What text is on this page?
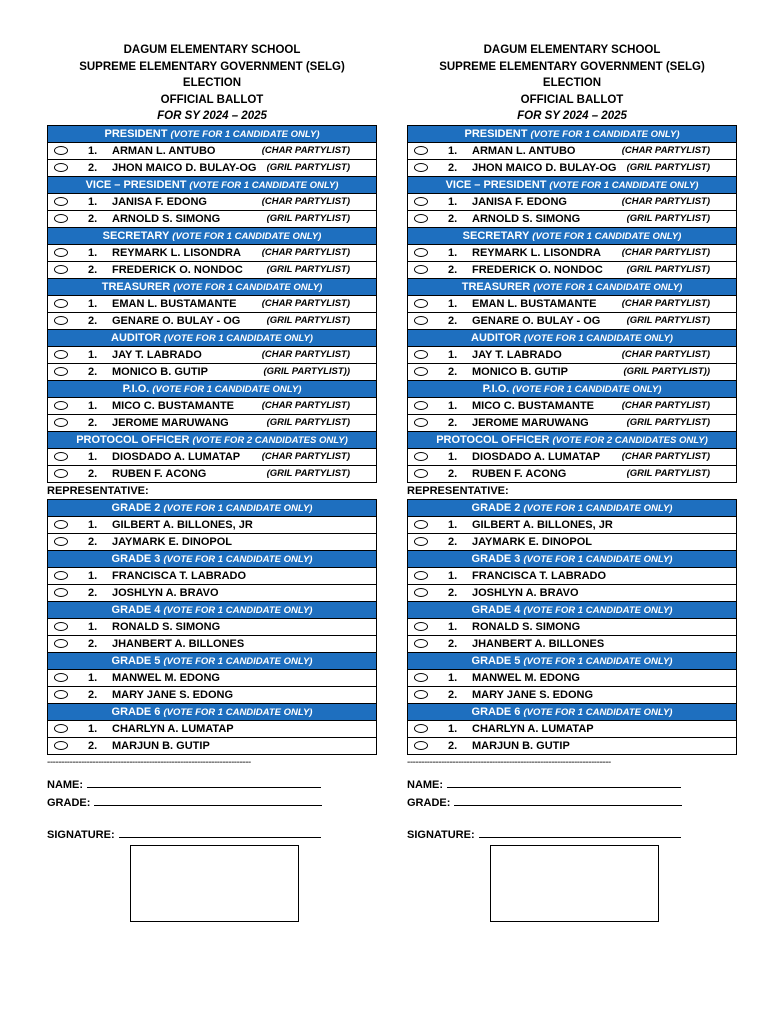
DAGUM ELEMENTARY SCHOOL
SUPREME ELEMENTARY GOVERNMENT (SELG)
ELECTION
OFFICIAL BALLOT
FOR SY 2024 – 2025
PRESIDENT (VOTE FOR 1 CANDIDATE ONLY)
1. ARMAN L. ANTUBO	(CHAR PARTYLIST)
2. JHON MAICO D. BULAY-OG (GRIL PARTYLIST)
VICE – PRESIDENT (VOTE FOR 1 CANDIDATE ONLY)
1. JANISA F. EDONG	(CHAR PARTYLIST)
2. ARNOLD S. SIMONG	(GRIL PARTYLIST)
SECRETARY (VOTE FOR 1 CANDIDATE ONLY)
1. REYMARK L. LISONDRA (CHAR PARTYLIST)
2. FREDERICK O. NONDOC	(GRIL PARTYLIST)
TREASURER (VOTE FOR 1 CANDIDATE ONLY)
1. EMAN L. BUSTAMANTE	(CHAR PARTYLIST)
2. GENARE O. BULAY - OG	(GRIL PARTYLIST)
AUDITOR (VOTE FOR 1 CANDIDATE ONLY)
1. JAY T. LABRADO	(CHAR PARTYLIST)
2. MONICO B. GUTIP	(GRIL PARTYLIST))
P.I.O. (VOTE FOR 1 CANDIDATE ONLY)
1. MICO C. BUSTAMANTE	(CHAR PARTYLIST)
2. JEROME MARUWANG	(GRIL PARTYLIST)
PROTOCOL OFFICER (VOTE FOR 2 CANDIDATES ONLY)
1. DIOSDADO A. LUMATAP (CHAR PARTYLIST)
2. RUBEN F. ACONG	(GRIL PARTYLIST)
REPRESENTATIVE:
GRADE 2 (VOTE FOR 1 CANDIDATE ONLY)
1. GILBERT A. BILLONES, JR
2. JAYMARK E. DINOPOL
GRADE 3 (VOTE FOR 1 CANDIDATE ONLY)
1. FRANCISCA T. LABRADO
2. JOSHLYN A. BRAVO
GRADE 4 (VOTE FOR 1 CANDIDATE ONLY)
1. RONALD S. SIMONG
2. JHANBERT A. BILLONES
GRADE 5 (VOTE FOR 1 CANDIDATE ONLY)
1. MANWEL M. EDONG
2. MARY JANE S. EDONG
GRADE 6 (VOTE FOR 1 CANDIDATE ONLY)
1. CHARLYN A. LUMATAP
2. MARJUN B. GUTIP
------------------------------------------------------------------------
NAME:
GRADE:
SIGNATURE:
DAGUM ELEMENTARY SCHOOL
SUPREME ELEMENTARY GOVERNMENT (SELG)
ELECTION
OFFICIAL BALLOT
FOR SY 2024 – 2025
PRESIDENT (VOTE FOR 1 CANDIDATE ONLY)
1. ARMAN L. ANTUBO	(CHAR PARTYLIST)
2. JHON MAICO D. BULAY-OG (GRIL PARTYLIST)
VICE – PRESIDENT (VOTE FOR 1 CANDIDATE ONLY)
1. JANISA F. EDONG	(CHAR PARTYLIST)
2. ARNOLD S. SIMONG	(GRIL PARTYLIST)
SECRETARY (VOTE FOR 1 CANDIDATE ONLY)
1. REYMARK L. LISONDRA (CHAR PARTYLIST)
2. FREDERICK O. NONDOC	(GRIL PARTYLIST)
TREASURER (VOTE FOR 1 CANDIDATE ONLY)
1. EMAN L. BUSTAMANTE	(CHAR PARTYLIST)
2. GENARE O. BULAY - OG	(GRIL PARTYLIST)
AUDITOR (VOTE FOR 1 CANDIDATE ONLY)
1. JAY T. LABRADO	(CHAR PARTYLIST)
2. MONICO B. GUTIP	(GRIL PARTYLIST))
P.I.O. (VOTE FOR 1 CANDIDATE ONLY)
1. MICO C. BUSTAMANTE	(CHAR PARTYLIST)
2. JEROME MARUWANG	(GRIL PARTYLIST)
PROTOCOL OFFICER (VOTE FOR 2 CANDIDATES ONLY)
1. DIOSDADO A. LUMATAP (CHAR PARTYLIST)
2. RUBEN F. ACONG	(GRIL PARTYLIST)
REPRESENTATIVE:
GRADE 2 (VOTE FOR 1 CANDIDATE ONLY)
1. GILBERT A. BILLONES, JR
2. JAYMARK E. DINOPOL
GRADE 3 (VOTE FOR 1 CANDIDATE ONLY)
1. FRANCISCA T. LABRADO
2. JOSHLYN A. BRAVO
GRADE 4 (VOTE FOR 1 CANDIDATE ONLY)
1. RONALD S. SIMONG
2. JHANBERT A. BILLONES
GRADE 5 (VOTE FOR 1 CANDIDATE ONLY)
1. MANWEL M. EDONG
2. MARY JANE S. EDONG
GRADE 6 (VOTE FOR 1 CANDIDATE ONLY)
1. CHARLYN A. LUMATAP
2. MARJUN B. GUTIP
------------------------------------------------------------------------
NAME:
GRADE:
SIGNATURE:
